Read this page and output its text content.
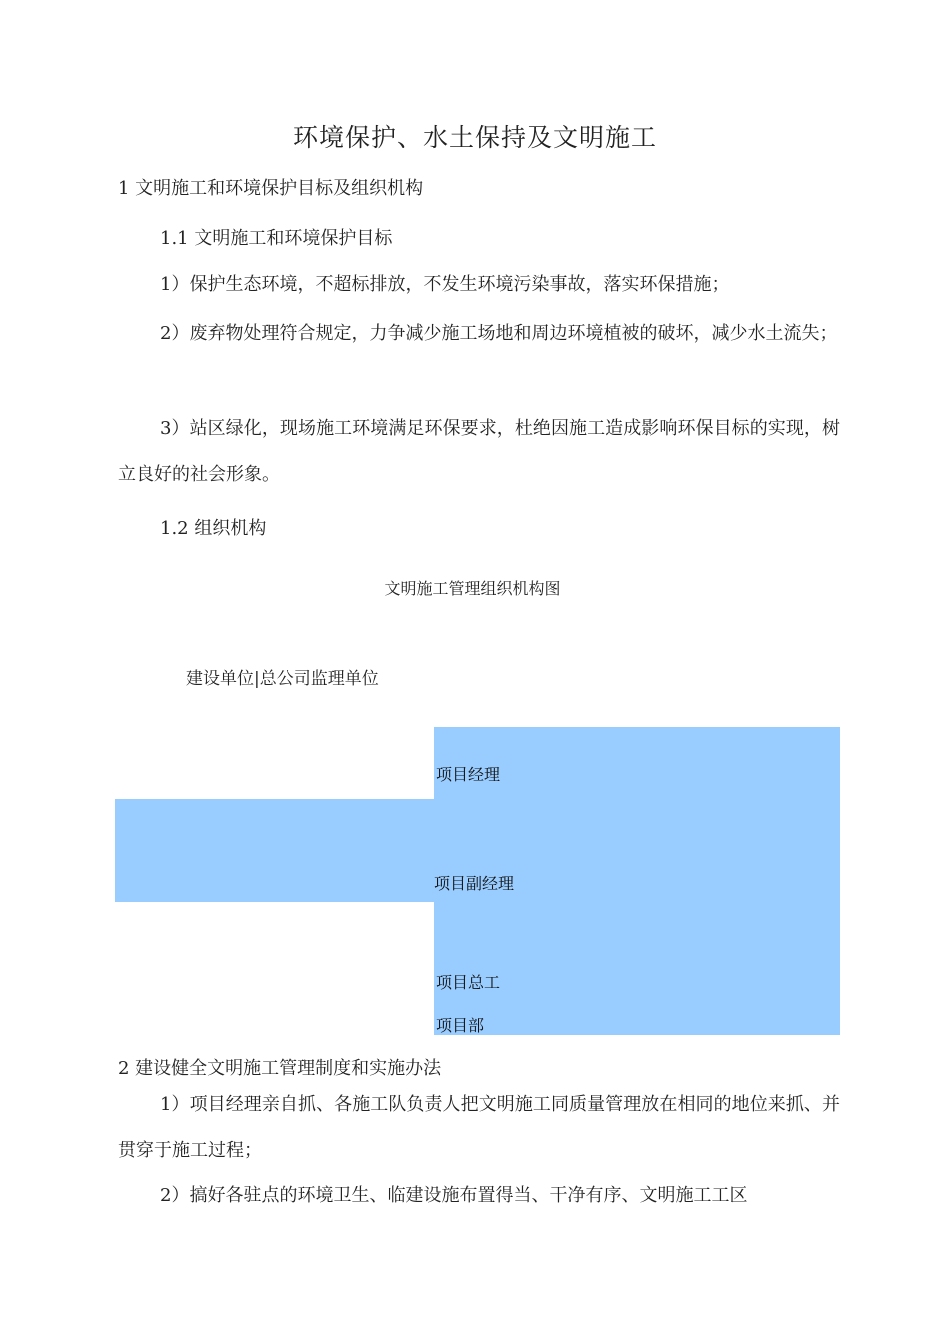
环境保护、水土保持及文明施工
1 文明施工和环境保护目标及组织机构
1.1 文明施工和环境保护目标
1）保护生态环境，不超标排放，不发生环境污染事故，落实环保措施；
2）废弃物处理符合规定，力争减少施工场地和周边环境植被的破坏，减少水土流失；
3）站区绿化，现场施工环境满足环保要求，杜绝因施工造成影响环保目标的实现，树立良好的社会形象。
1.2 组织机构
文明施工管理组织机构图
建设单位|总公司监理单位
项目经理
项目副经理
项目总工
项目部
2 建设健全文明施工管理制度和实施办法
1）项目经理亲自抓、各施工队负责人把文明施工同质量管理放在相同的地位来抓、并贯穿于施工过程；
2）搞好各驻点的环境卫生、临建设施布置得当、干净有序、文明施工工区
